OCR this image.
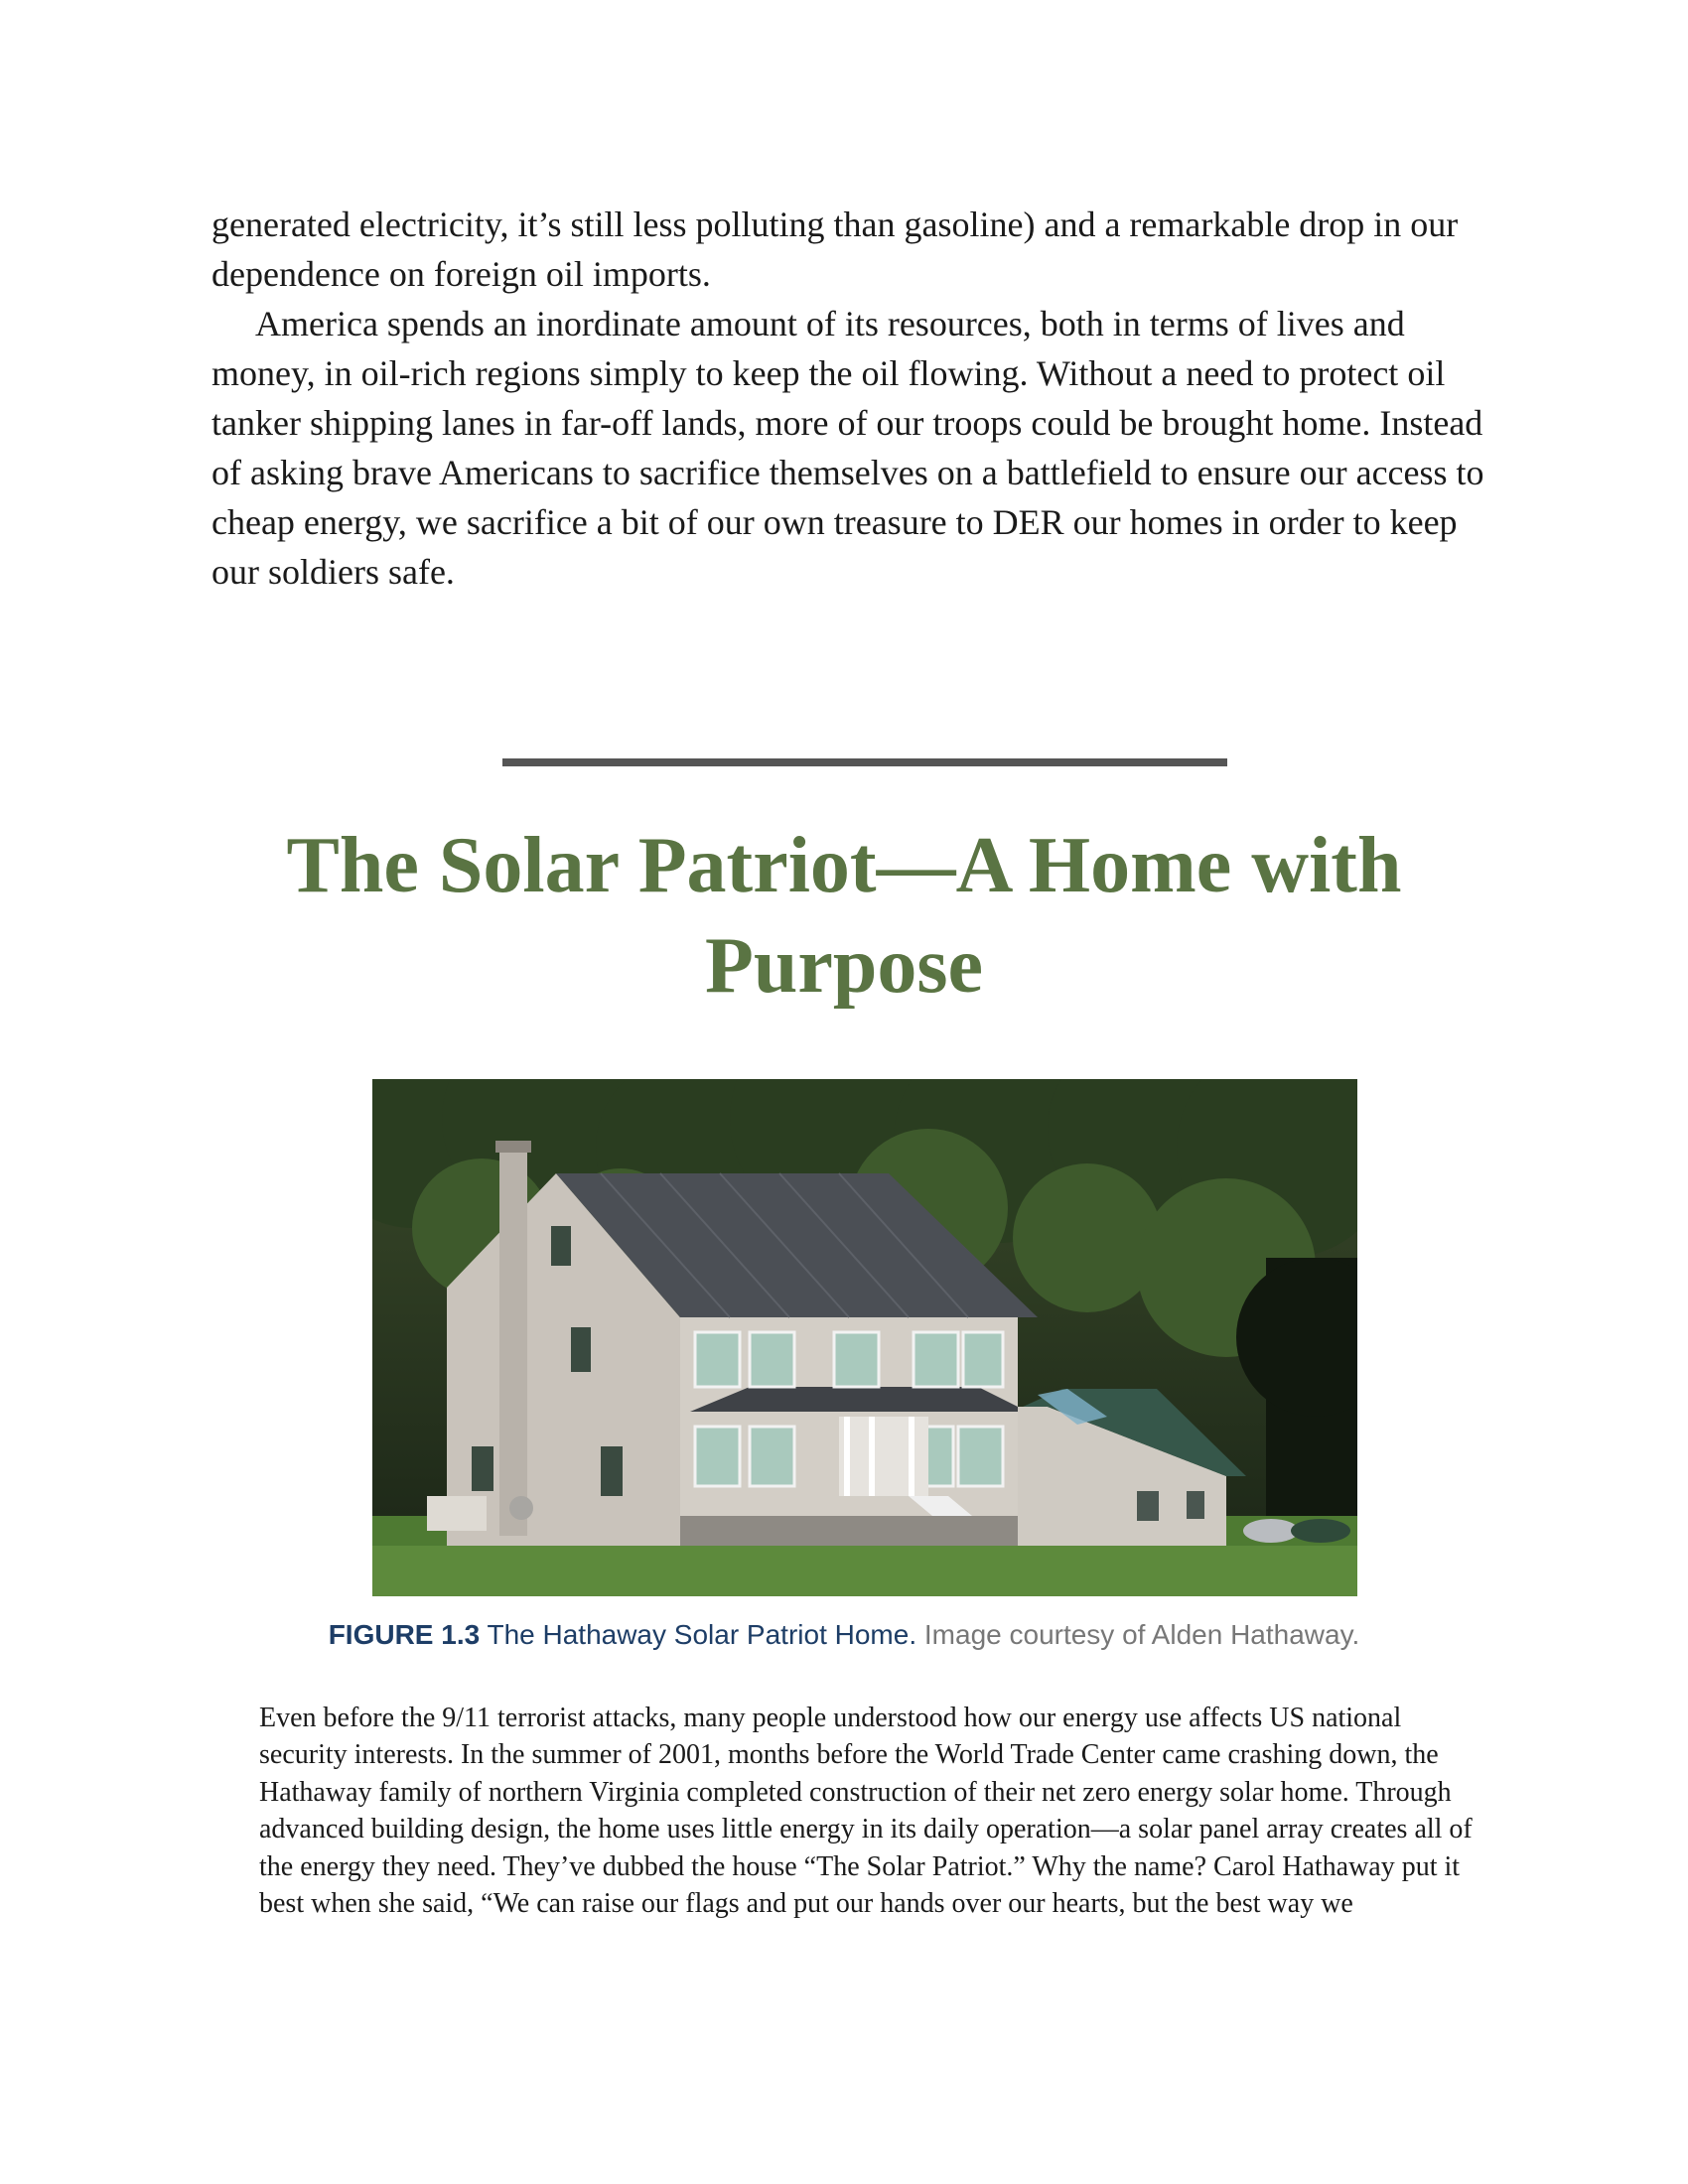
generated electricity, it’s still less polluting than gasoline) and a remarkable drop in our dependence on foreign oil imports.

America spends an inordinate amount of its resources, both in terms of lives and money, in oil-rich regions simply to keep the oil flowing. Without a need to protect oil tanker shipping lanes in far-off lands, more of our troops could be brought home. Instead of asking brave Americans to sacrifice themselves on a battlefield to ensure our access to cheap energy, we sacrifice a bit of our own treasure to DER our homes in order to keep our soldiers safe.

The Solar Patriot—A Home with Purpose

FIGURE 1.3 The Hathaway Solar Patriot Home. Image courtesy of Alden Hathaway.

Even before the 9/11 terrorist attacks, many people understood how our energy use affects US national security interests. In the summer of 2001, months before the World Trade Center came crashing down, the Hathaway family of northern Virginia completed construction of their net zero energy solar home. Through advanced building design, the home uses little energy in its daily operation—a solar panel array creates all of the energy they need. They’ve dubbed the house “The Solar Patriot.” Why the name? Carol Hathaway put it best when she said, “We can raise our flags and put our hands over our hearts, but the best way we
